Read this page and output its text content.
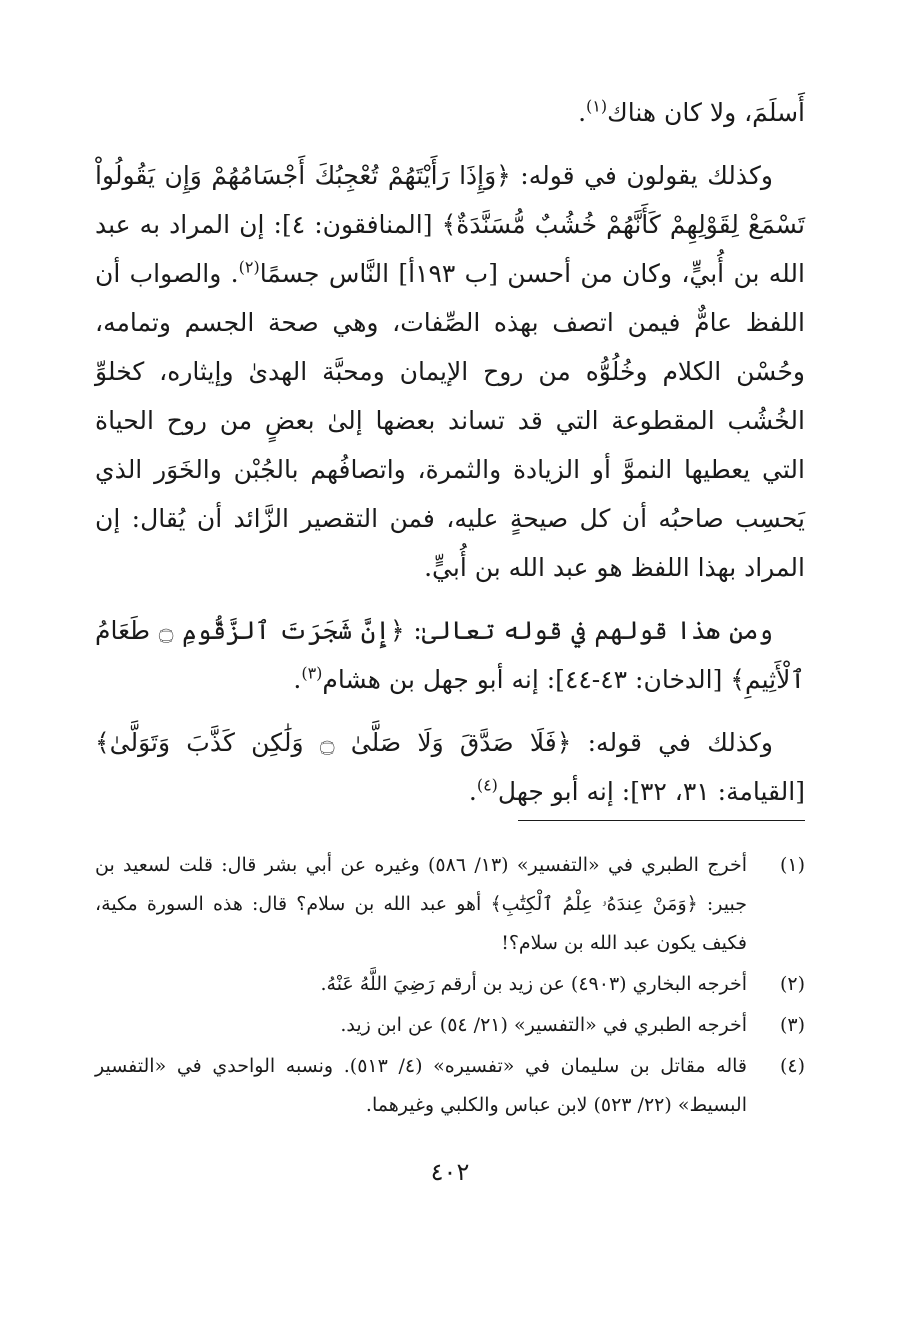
أَسلَمَ، ولا كان هناك$^{(١)}$.

وكذلك يقولون في قوله: ﴿وَإِذَا رَأَيْتَهُمْ تُعْجِبُكَ أَجْسَامُهُمْ وَإِن يَقُولُواْ تَسْمَعْ لِقَوْلِهِمْ كَأَنَّهُمْ خُشُبٌ مُّسَنَّدَةٌ﴾ [المنافقون: ٤]: إن المراد به عبد الله بن أُبيٍّ، وكان من أحسن [ب ١٩٣أ] النَّاس جسمًا$^{(٢)}$. والصواب أن اللفظ عامٌّ فيمن اتصف بهذه الصِّفات، وهي صحة الجسم وتمامه، وحُسْن الكلام وخُلُوُّه من روح الإيمان ومحبَّة الهدىٰ وإيثاره، كخلوِّ الخُشُب المقطوعة التي قد تساند بعضها إلىٰ بعضٍ من روح الحياة التي يعطيها النموَّ أو الزيادة والثمرة، واتصافُهم بالجُبْن والخَوَر الذي يَحسِب صاحبُه أن كل صيحةٍ عليه، فمن التقصير الزَّائد أن يُقال: إن المراد بهذا اللفظ هو عبد الله بن أُبيٍّ.

ومن هذا قولهم في قوله تعالىٰ: ﴿إِنَّ شَجَرَتَ ٱلزَّقُّومِ ۝ طَعَامُ ٱلْأَثِيمِ﴾ [الدخان: ٤٣-٤٤]: إنه أبو جهل بن هشام$^{(٣)}$.

وكذلك في قوله: ﴿فَلَا صَدَّقَ وَلَا صَلَّىٰ ۝ وَلَٰكِن كَذَّبَ وَتَوَلَّىٰ﴾ [القيامة: ٣١، ٣٢]: إنه أبو جهل$^{(٤)}$.

(١)
أخرج الطبري في «التفسير» (١٣/ ٥٨٦) وغيره عن أبي بشر قال: قلت لسعيد بن جبير: ﴿وَمَنْ عِندَهُۥ عِلْمُ ٱلْكِتَٰبِ﴾ أهو عبد الله بن سلام؟ قال: هذه السورة مكية، فكيف يكون عبد الله بن سلام؟!
(٢)
أخرجه البخاري (٤٩٠٣) عن زيد بن أرقم رَضِيَ اللَّهُ عَنْهُ.
(٣)
أخرجه الطبري في «التفسير» (٢١/ ٥٤) عن ابن زيد.
(٤)
قاله مقاتل بن سليمان في «تفسيره» (٤/ ٥١٣). ونسبه الواحدي في «التفسير البسيط» (٢٢/ ٥٢٣) لابن عباس والكلبي وغيرهما.
٤٠٢
